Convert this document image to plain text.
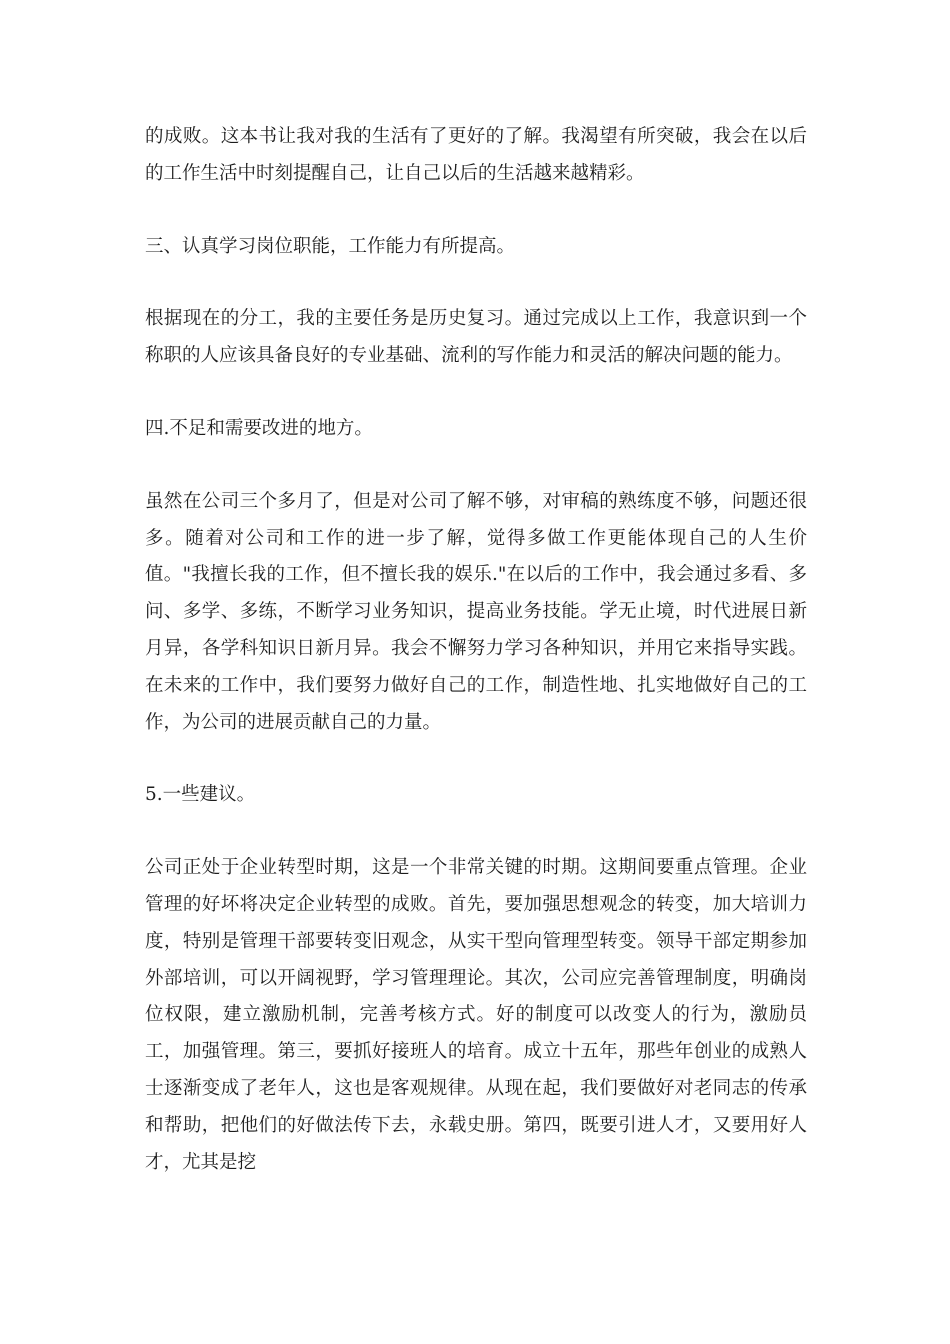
的成败。这本书让我对我的生活有了更好的了解。我渴望有所突破，我会在以后的工作生活中时刻提醒自己，让自己以后的生活越来越精彩。

三、认真学习岗位职能，工作能力有所提高。

根据现在的分工，我的主要任务是历史复习。通过完成以上工作，我意识到一个称职的人应该具备良好的专业基础、流利的写作能力和灵活的解决问题的能力。

四.不足和需要改进的地方。

虽然在公司三个多月了，但是对公司了解不够，对审稿的熟练度不够，问题还很多。随着对公司和工作的进一步了解，觉得多做工作更能体现自己的人生价值。"我擅长我的工作，但不擅长我的娱乐."在以后的工作中，我会通过多看、多问、多学、多练，不断学习业务知识，提高业务技能。学无止境，时代进展日新月异，各学科知识日新月异。我会不懈努力学习各种知识，并用它来指导实践。在未来的工作中，我们要努力做好自己的工作，制造性地、扎实地做好自己的工作，为公司的进展贡献自己的力量。

5.一些建议。

公司正处于企业转型时期，这是一个非常关键的时期。这期间要重点管理。企业管理的好坏将决定企业转型的成败。首先，要加强思想观念的转变，加大培训力度，特别是管理干部要转变旧观念，从实干型向管理型转变。领导干部定期参加外部培训，可以开阔视野，学习管理理论。其次，公司应完善管理制度，明确岗位权限，建立激励机制，完善考核方式。好的制度可以改变人的行为，激励员工，加强管理。第三，要抓好接班人的培育。成立十五年，那些年创业的成熟人士逐渐变成了老年人，这也是客观规律。从现在起，我们要做好对老同志的传承和帮助，把他们的好做法传下去，永载史册。第四，既要引进人才，又要用好人才，尤其是挖
